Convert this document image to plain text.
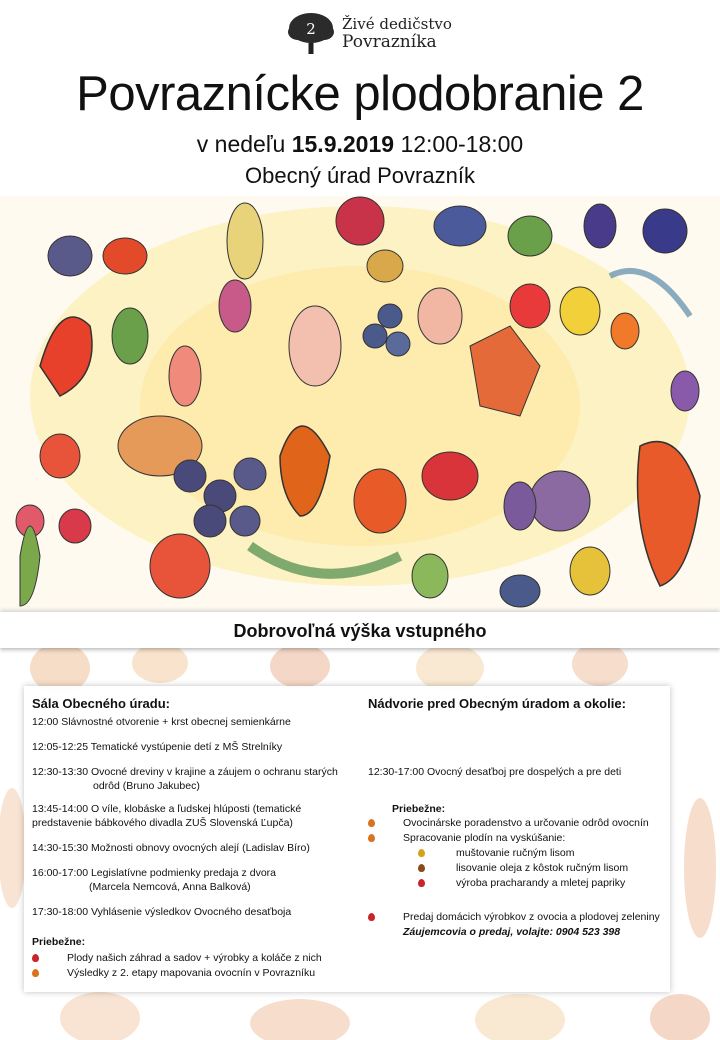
2 Živé dedičstvo
Povrazníka
Povraznícke plodobranie 2
v nedeľu 15.9.2019 12:00-18:00
Obecný úrad Povrazník
Dobrovoľná výška vstupného
Sála Obecného úradu:
12:00 Slávnostné otvorenie + krst obecnej semienkárne
12:05-12:25 Tematické vystúpenie detí z MŠ Strelníky
12:30-13:30 Ovocné dreviny v krajine a záujem o ochranu starých
odrôd (Bruno Jakubec)
13:45-14:00 O víle, klobáske a ľudskej hlúposti (tematické
predstavenie bábkového divadla ZUŠ Slovenská Ľupča)
14:30-15:30 Možnosti obnovy ovocných alejí (Ladislav Bíro)
16:00-17:00 Legislatívne podmienky predaja z dvora
(Marcela Nemcová, Anna Balková)
17:30-18:00 Vyhlásenie výsledkov Ovocného desaťboja
Priebežne:
Plody našich záhrad a sadov + výrobky a koláče z nich
Výsledky z 2. etapy mapovania ovocnín v Povrazníku
Nádvorie pred Obecným úradom a okolie:
12:30-17:00 Ovocný desaťboj pre dospelých a pre deti
Priebežne:
Ovocinárske poradenstvo a určovanie odrôd ovocnín
Spracovanie plodín na vyskúšanie:
muštovanie ručným lisom
lisovanie oleja z kôstok ručným lisom
výroba pracharandy a mletej papriky
Predaj domácich výrobkov z ovocia a plodovej zeleniny
Záujemcovia o predaj, volajte: 0904 523 398
